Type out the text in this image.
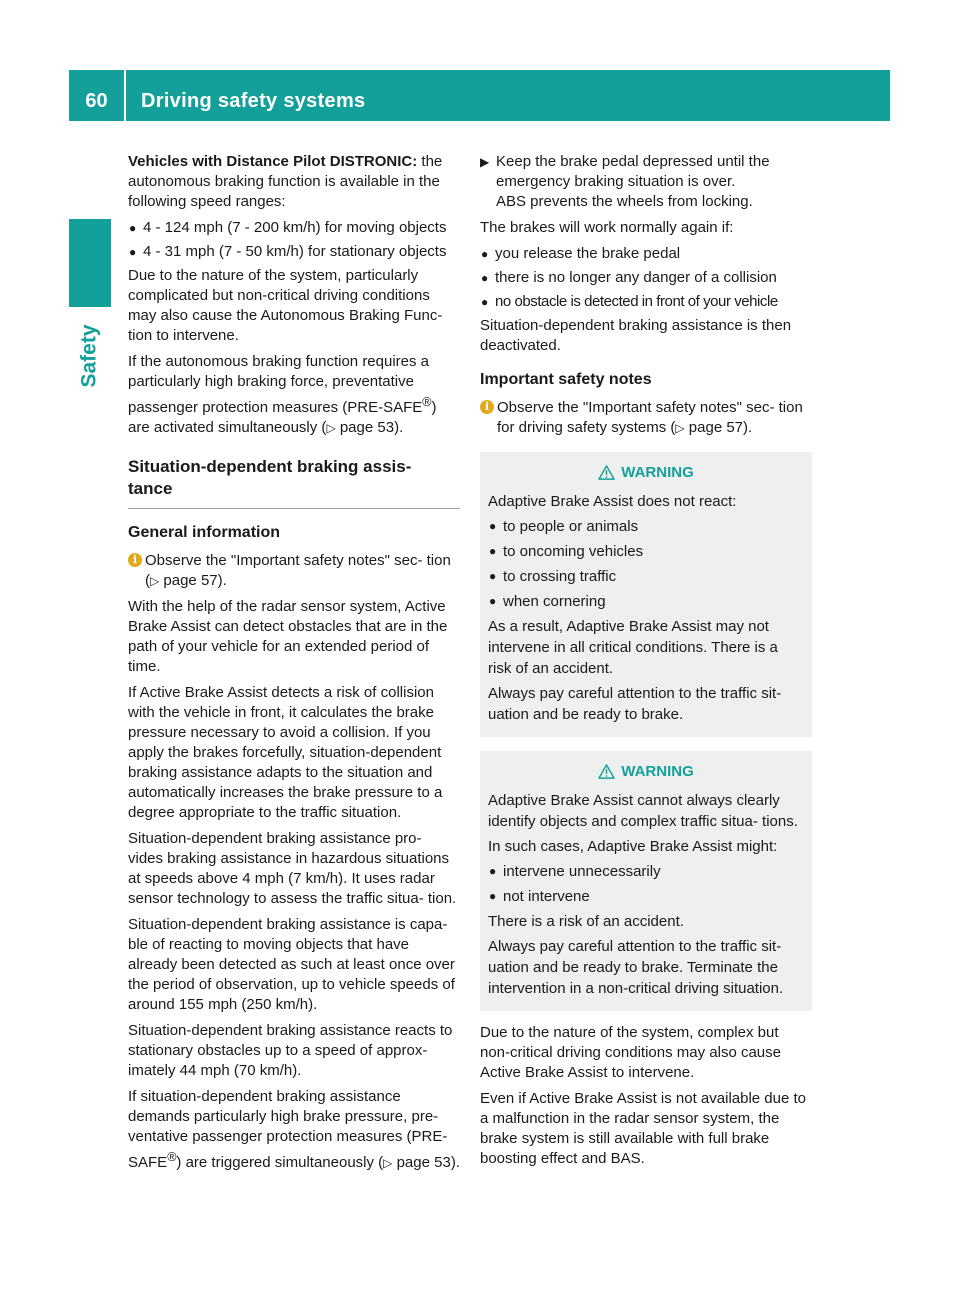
60	Driving safety systems
Safety

Vehicles with Distance Pilot DISTRONIC: the autonomous braking function is available in the following speed ranges:

● 4 - 124 mph (7 - 200 km/h) for moving objects
● 4 - 31 mph (7 - 50 km/h) for stationary objects

Due to the nature of the system, particularly complicated but non-critical driving conditions may also cause the Autonomous Braking Func- tion to intervene.

If the autonomous braking function requires a particularly high braking force, preventative passenger protection measures (PRE-SAFE®) are activated simultaneously (▷ page 53).

Situation-dependent braking assis- tance
General information
i Observe the "Important safety notes" sec- tion (▷ page 57).

With the help of the radar sensor system, Active Brake Assist can detect obstacles that are in the path of your vehicle for an extended period of time.

If Active Brake Assist detects a risk of collision with the vehicle in front, it calculates the brake pressure necessary to avoid a collision. If you apply the brakes forcefully, situation-dependent braking assistance adapts to the situation and automatically increases the brake pressure to a degree appropriate to the traffic situation.

Situation-dependent braking assistance pro- vides braking assistance in hazardous situations at speeds above 4 mph (7 km/h). It uses radar sensor technology to assess the traffic situa- tion.

Situation-dependent braking assistance is capa- ble of reacting to moving objects that have already been detected as such at least once over the period of observation, up to vehicle speeds of around 155 mph (250 km/h).

Situation-dependent braking assistance reacts to stationary obstacles up to a speed of approx- imately 44 mph (70 km/h).

If situation-dependent braking assistance demands particularly high brake pressure, pre- ventative passenger protection measures (PRE- SAFE®) are triggered simultaneously (▷ page 53).

▶ Keep the brake pedal depressed until the emergency braking situation is over.
ABS prevents the wheels from locking.

The brakes will work normally again if:

● you release the brake pedal
● there is no longer any danger of a collision
● no obstacle is detected in front of your vehicle

Situation-dependent braking assistance is then deactivated.

Important safety notes
i Observe the "Important safety notes" sec- tion for driving safety systems (▷ page 57).
WARNING

Adaptive Brake Assist does not react:

● to people or animals
● to oncoming vehicles
● to crossing traffic
● when cornering

As a result, Adaptive Brake Assist may not intervene in all critical conditions. There is a risk of an accident.

Always pay careful attention to the traffic sit- uation and be ready to brake.

WARNING

Adaptive Brake Assist cannot always clearly identify objects and complex traffic situa- tions.

In such cases, Adaptive Brake Assist might:

● intervene unnecessarily
● not intervene

There is a risk of an accident.

Always pay careful attention to the traffic sit- uation and be ready to brake. Terminate the intervention in a non-critical driving situation.

Due to the nature of the system, complex but non-critical driving conditions may also cause Active Brake Assist to intervene.

Even if Active Brake Assist is not available due to a malfunction in the radar sensor system, the brake system is still available with full brake boosting effect and BAS.
